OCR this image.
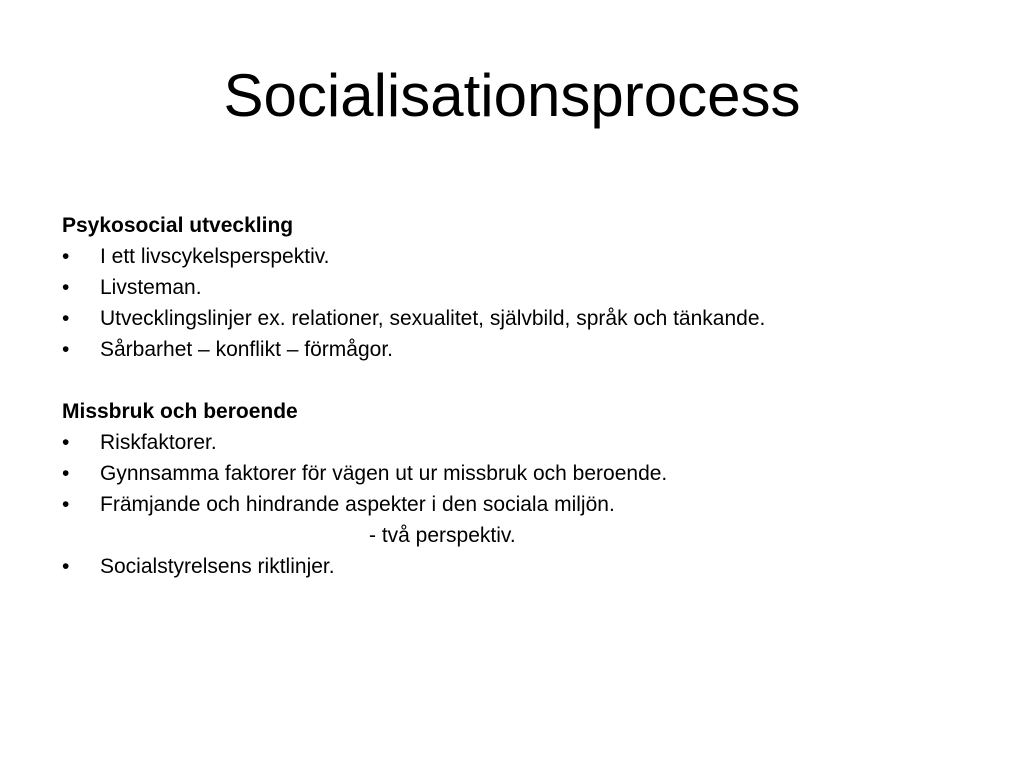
Socialisationsprocess
Psykosocial utveckling
•	I ett livscykelsperspektiv.
•	Livsteman.
•	Utvecklingslinjer ex. relationer, sexualitet, självbild, språk och tänkande.
•	Sårbarhet – konflikt – förmågor.
Missbruk och beroende
•	Riskfaktorer.
•	Gynnsamma faktorer för vägen ut ur missbruk och beroende.
•	Främjande och hindrande aspekter i den sociala miljön.
- två perspektiv.
•	Socialstyrelsens riktlinjer.
